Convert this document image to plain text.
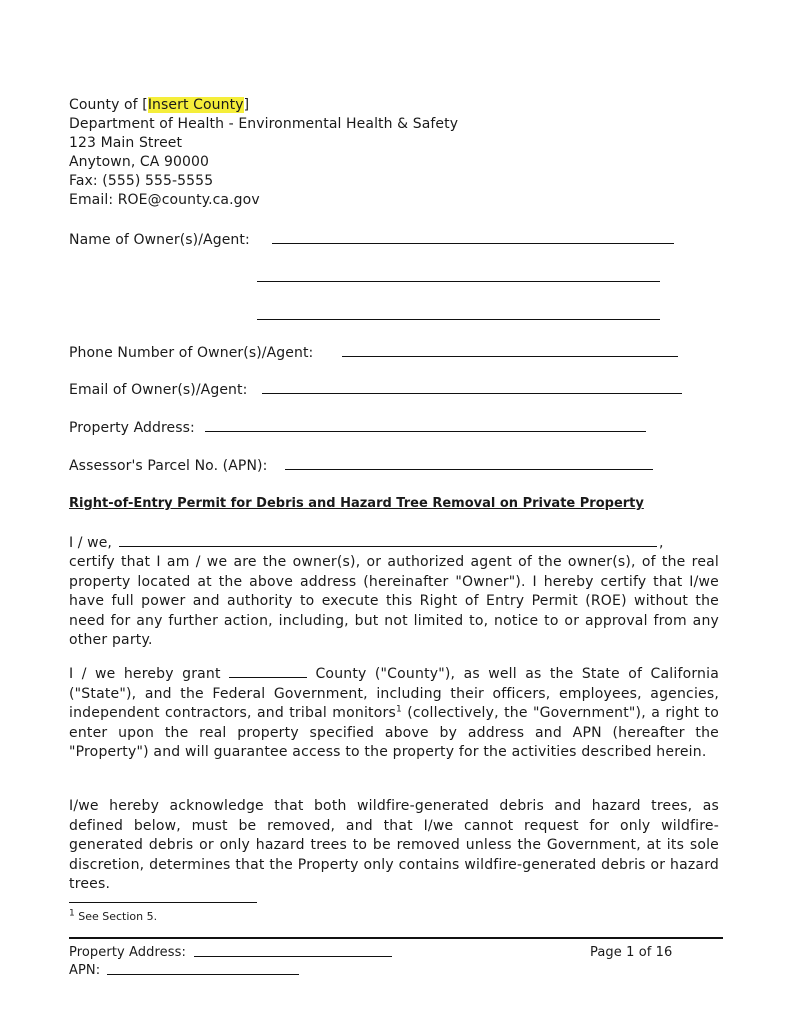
County of [Insert County]
Department of Health - Environmental Health & Safety
123 Main Street
Anytown, CA 90000
Fax: (555) 555-5555
Email: ROE@county.ca.gov
Name of Owner(s)/Agent:
Phone Number of Owner(s)/Agent:
Email of Owner(s)/Agent:
Property Address:
Assessor's Parcel No. (APN):
Right-of-Entry Permit for Debris and Hazard Tree Removal on Private Property
I / we,	,
certify that I am / we are the owner(s), or authorized agent of the owner(s), of the real property located at the above address (hereinafter "Owner"). I hereby certify that I/we have full power and authority to execute this Right of Entry Permit (ROE) without the need for any further action, including, but not limited to, notice to or approval from any other party.
I / we hereby grant	County ("County"), as well as the State of California ("State"), and the Federal Government, including their officers, employees, agencies, independent contractors, and tribal monitors$^1$ (collectively, the "Government"), a right to enter upon the real property specified above by address and APN (hereafter the "Property") and will guarantee access to the property for the activities described herein.
I/we hereby acknowledge that both wildfire-generated debris and hazard trees, as defined below, must be removed, and that I/we cannot request for only wildfire-generated debris or only hazard trees to be removed unless the Government, at its sole discretion, determines that the Property only contains wildfire-generated debris or hazard trees.
$^1$ See Section 5.
Property Address:
APN:
Page 1 of 16
